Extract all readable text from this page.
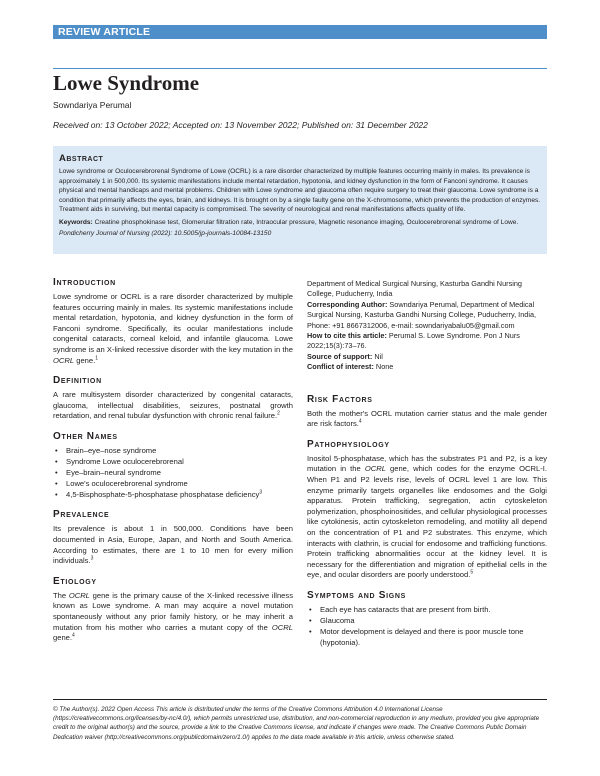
REVIEW ARTICLE
Lowe Syndrome
Sowndariya Perumal
Received on: 13 October 2022; Accepted on: 13 November 2022; Published on: 31 December 2022
Abstract

Lowe syndrome or Oculocerebrorenal Syndrome of Lowe (OCRL) is a rare disorder characterized by multiple features occurring mainly in males. Its prevalence is approximately 1 in 500,000. Its systemic manifestations include mental retardation, hypotonia, and kidney dysfunction in the form of Fanconi syndrome. It causes physical and mental handicaps and mental problems. Children with Lowe syndrome and glaucoma often require surgery to treat their glaucoma. Lowe syndrome is a condition that primarily affects the eyes, brain, and kidneys. It is brought on by a single faulty gene on the X-chromosome, which prevents the production of enzymes. Treatment aids in surviving, but mental capacity is compromised. The severity of neurological and renal manifestations affects quality of life.

Keywords: Creatine phosphokinase test, Glomerular filtration rate, Intraocular pressure, Magnetic resonance imaging, Oculocerebrorenal syndrome of Lowe.

Pondicherry Journal of Nursing (2022): 10.5005/jp-journals-10084-13150

Introduction

Lowe syndrome or OCRL is a rare disorder characterized by multiple features occurring mainly in males. Its systemic manifestations include mental retardation, hypotonia, and kidney dysfunction in the form of Fanconi syndrome. Specifically, its ocular manifestations include congenital cataracts, corneal keloid, and infantile glaucoma. Lowe syndrome is an X-linked recessive disorder with the key mutation in the OCRL gene.$^1$

Definition

A rare multisystem disorder characterized by congenital cataracts, glaucoma, intellectual disabilities, seizures, postnatal growth retardation, and renal tubular dysfunction with chronic renal failure.$^2$

Other Names
• Brain–eye–nose syndrome
• Syndrome Lowe oculocerebrorenal
• Eye–brain–neural syndrome
• Lowe's oculocerebrorenal syndrome
• 4,5-Bisphosphate-5-phosphatase phosphatase deficiency$^3$
Prevalence

Its prevalence is about 1 in 500,000. Conditions have been documented in Asia, Europe, Japan, and North and South America. According to estimates, there are 1 to 10 men for every million individuals.$^3$

Etiology

The OCRL gene is the primary cause of the X-linked recessive illness known as Lowe syndrome. A man may acquire a novel mutation spontaneously without any prior family history, or he may inherit a mutation from his mother who carries a mutant copy of the OCRL gene.$^4$

Department of Medical Surgical Nursing, Kasturba Gandhi Nursing College, Puducherry, India
Corresponding Author: Sowndariya Perumal, Department of Medical Surgical Nursing, Kasturba Gandhi Nursing College, Puducherry, India, Phone: +91 8667312006, e-mail: sowndariyabalu05@gmail.com
How to cite this article: Perumal S. Lowe Syndrome. Pon J Nurs 2022;15(3):73–76.
Source of support: Nil
Conflict of interest: None
Risk Factors

Both the mother's OCRL mutation carrier status and the male gender are risk factors.$^4$

Pathophysiology

Inositol 5-phosphatase, which has the substrates P1 and P2, is a key mutation in the OCRL gene, which codes for the enzyme OCRL-I. When P1 and P2 levels rise, levels of OCRL level 1 are low. This enzyme primarily targets organelles like endosomes and the Golgi apparatus. Protein trafficking, segregation, actin cytoskeleton polymerization, phosphoinositides, and cellular physiological processes like cytokinesis, actin cytoskeleton remodeling, and motility all depend on the concentration of P1 and P2 substrates. This enzyme, which interacts with clathrin, is crucial for endosome and trafficking functions. Protein trafficking abnormalities occur at the kidney level. It is necessary for the differentiation and migration of epithelial cells in the eye, and ocular disorders are poorly understood.$^5$

Symptoms and Signs
• Each eye has cataracts that are present from birth.
• Glaucoma
• Motor development is delayed and there is poor muscle tone (hypotonia).
© The Author(s). 2022 Open Access This article is distributed under the terms of the Creative Commons Attribution 4.0 International License (https://creativecommons.org/licenses/by-nc/4.0/), which permits unrestricted use, distribution, and non-commercial reproduction in any medium, provided you give appropriate credit to the original author(s) and the source, provide a link to the Creative Commons license, and indicate if changes were made. The Creative Commons Public Domain Dedication waiver (http://creativecommons.org/publicdomain/zero/1.0/) applies to the data made available in this article, unless otherwise stated.
